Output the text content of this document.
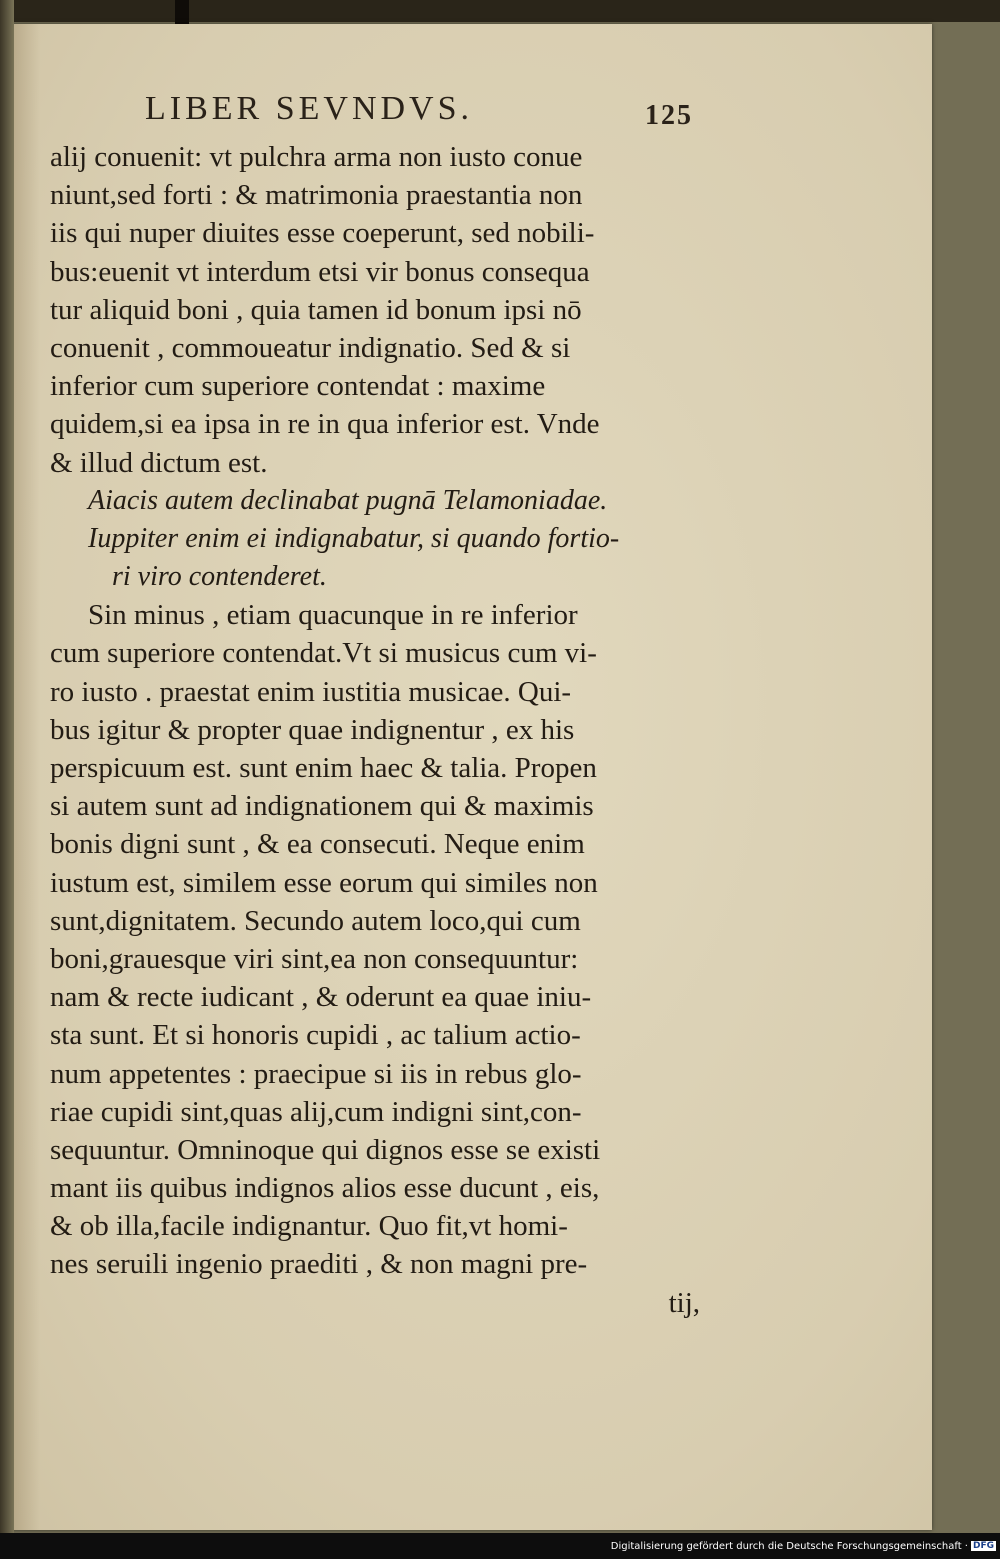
LIBER SEVNDVS.	125
alij conuenit: vt pulchra arma non iusto conue
niunt,sed forti : & matrimonia praestantia non
iis qui nuper diuites esse coeperunt, sed nobili-
bus:euenit vt interdum etsi vir bonus consequa
tur aliquid boni , quia tamen id bonum ipsi nō
conuenit , commoueatur indignatio. Sed & si
inferior cum superiore contendat : maxime
quidem,si ea ipsa in re in qua inferior est. Vnde
& illud dictum est.
Aiacis autem declinabat pugnā Telamoniadae.
Iuppiter enim ei indignabatur, si quando fortio-
ri viro contenderet.
Sin minus , etiam quacunque in re inferior
cum superiore contendat.Vt si musicus cum vi-
ro iusto . praestat enim iustitia musicae. Qui-
bus igitur & propter quae indignentur , ex his
perspicuum est. sunt enim haec & talia. Propen
si autem sunt ad indignationem qui & maximis
bonis digni sunt , & ea consecuti. Neque enim
iustum est, similem esse eorum qui similes non
sunt,dignitatem. Secundo autem loco,qui cum
boni,grauesque viri sint,ea non consequuntur:
nam & recte iudicant , & oderunt ea quae iniu-
sta sunt. Et si honoris cupidi , ac talium actio-
num appetentes : praecipue si iis in rebus glo-
riae cupidi sint,quas alij,cum indigni sint,con-
sequuntur. Omninoque qui dignos esse se existi
mant iis quibus indignos alios esse ducunt , eis,
& ob illa,facile indignantur. Quo fit,vt homi-
nes seruili ingenio praediti , & non magni pre-
tij,
Digitalisierung gefördert durch die Deutsche Forschungsgemeinschaft · DFG
